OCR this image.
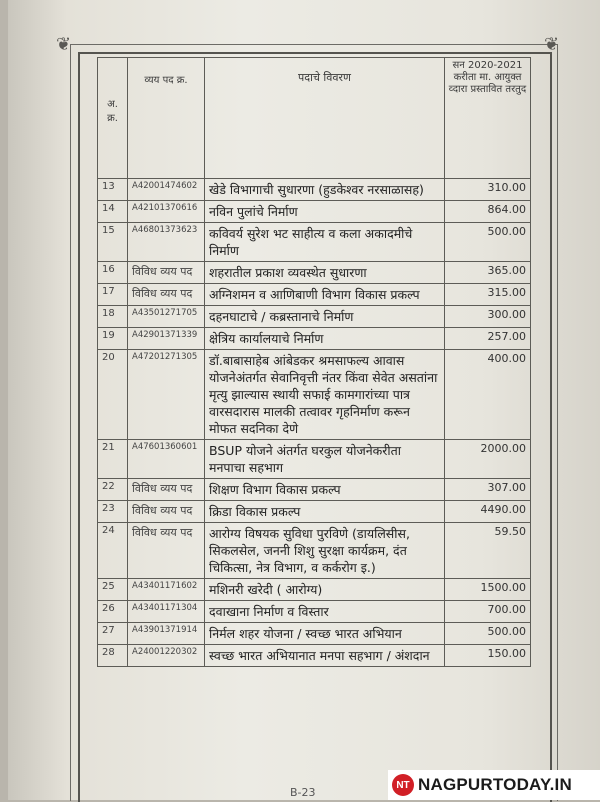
❦	❦
अ. क्र.	व्यय पद क्र.	पदाचे विवरण	सन 2020-2021 करीता मा. आयुक्त व्दारा प्रस्तावित तरतुद
13	A42001474602	खेडे विभागाची सुधारणा (हुडकेश्वर नरसाळासह)	310.00
14	A42101370616	नविन पुलांचे निर्माण	864.00
15	A46801373623	कविवर्य सुरेश भट साहीत्य व कला अकादमीचे निर्माण	500.00
16	विविध व्यय पद	शहरातील प्रकाश व्यवस्थेत सुधारणा	365.00
17	विविध व्यय पद	अग्निशमन व आणिबाणी विभाग विकास प्रकल्प	315.00
18	A43501271705	दहनघाटाचे / कब्रस्तानाचे निर्माण	300.00
19	A42901371339	क्षेत्रिय कार्यालयाचे निर्माण	257.00
20	A47201271305	डॉ.बाबासाहेब आंबेडकर श्रमसाफल्य आवास योजनेअंतर्गत सेवानिवृत्ती नंतर किंवा सेवेत असतांना मृत्यु झाल्यास स्थायी सफाई कामगारांच्या पात्र वारसदारास मालकी तत्वावर गृहनिर्माण करून मोफत सदनिका देणे	400.00
21	A47601360601	BSUP योजने अंतर्गत घरकुल योजनेकरीता मनपाचा सहभाग	2000.00
22	विविध व्यय पद	शिक्षण विभाग विकास प्रकल्प	307.00
23	विविध व्यय पद	क्रिडा विकास प्रकल्प	4490.00
24	विविध व्यय पद	आरोग्य विषयक सुविधा पुरविणे (डायलिसीस, सिकलसेल, जननी शिशु सुरक्षा कार्यक्रम, दंत चिकित्सा, नेत्र विभाग, व कर्करोग इ.)	59.50
25	A43401171602	मशिनरी खरेदी ( आरोग्य)	1500.00
26	A43401171304	दवाखाना निर्माण व विस्तार	700.00
27	A43901371914	निर्मल शहर योजना / स्वच्छ भारत अभियान	500.00
28	A24001220302	स्वच्छ भारत अभियानात मनपा सहभाग / अंशदान	150.00
B-23
NT NAGPURTODAY.IN
